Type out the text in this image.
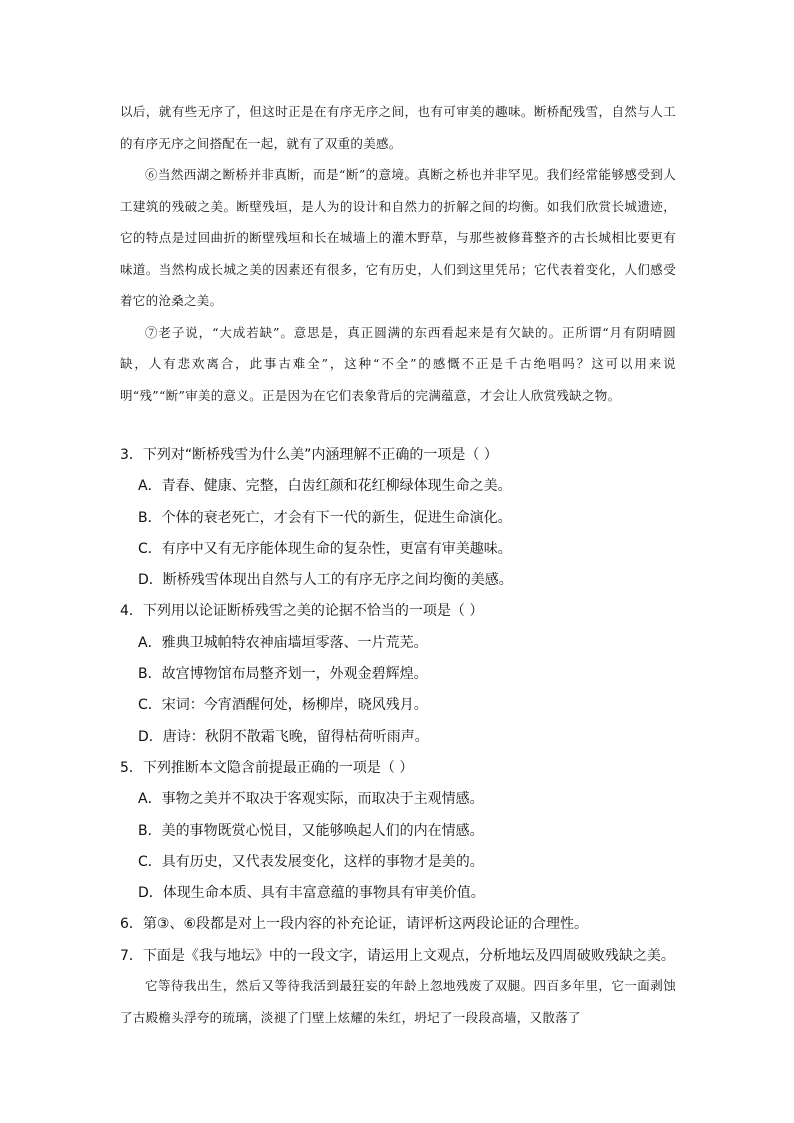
以后，就有些无序了，但这时正是在有序无序之间，也有可审美的趣味。断桥配残雪，自然与人工的有序无序之间搭配在一起，就有了双重的美感。

⑥当然西湖之断桥并非真断，而是“断”的意境。真断之桥也并非罕见。我们经常能够感受到人工建筑的残破之美。断壁残垣，是人为的设计和自然力的折解之间的均衡。如我们欣赏长城遗迹，它的特点是过回曲折的断壁残垣和长在城墙上的灌木野草，与那些被修葺整齐的古长城相比要更有味道。当然构成长城之美的因素还有很多，它有历史，人们到这里凭吊；它代表着变化，人们感受着它的沧桑之美。

⑦老子说，“大成若缺”。意思是，真正圆满的东西看起来是有欠缺的。正所谓“月有阴晴圆缺，人有悲欢离合，此事古难全”，这种“不全”的感慨不正是千古绝唱吗？这可以用来说明“残”“断”审美的意义。正是因为在它们表象背后的完满蕴意，才会让人欣赏残缺之物。

3．下列对“断桥残雪为什么美”内涵理解不正确的一项是（ ）

A．青春、健康、完整，白齿红颜和花红柳绿体现生命之美。

B．个体的衰老死亡，才会有下一代的新生，促进生命演化。

C．有序中又有无序能体现生命的复杂性，更富有审美趣味。

D．断桥残雪体现出自然与人工的有序无序之间均衡的美感。

4．下列用以论证断桥残雪之美的论据不恰当的一项是（ ）

A．雅典卫城帕特农神庙墙垣零落、一片荒芜。

B．故宫博物馆布局整齐划一，外观金碧辉煌。

C．宋词：今宵酒醒何处，杨柳岸，晓风残月。

D．唐诗：秋阴不散霜飞晚，留得枯荷听雨声。

5．下列推断本文隐含前提最正确的一项是（ ）

A．事物之美并不取决于客观实际，而取决于主观情感。

B．美的事物既赏心悦目，又能够唤起人们的内在情感。

C．具有历史，又代表发展变化，这样的事物才是美的。

D．体现生命本质、具有丰富意蕴的事物具有审美价值。

6．第③、⑥段都是对上一段内容的补充论证，请评析这两段论证的合理性。

7．下面是《我与地坛》中的一段文字，请运用上文观点，分析地坛及四周破败残缺之美。

它等待我出生，然后又等待我活到最狂妄的年龄上忽地残废了双腿。四百多年里，它一面剥蚀了古殿檐头浮夸的琉璃，淡褪了门壁上炫耀的朱红，坍圮了一段段高墙，又散落了
